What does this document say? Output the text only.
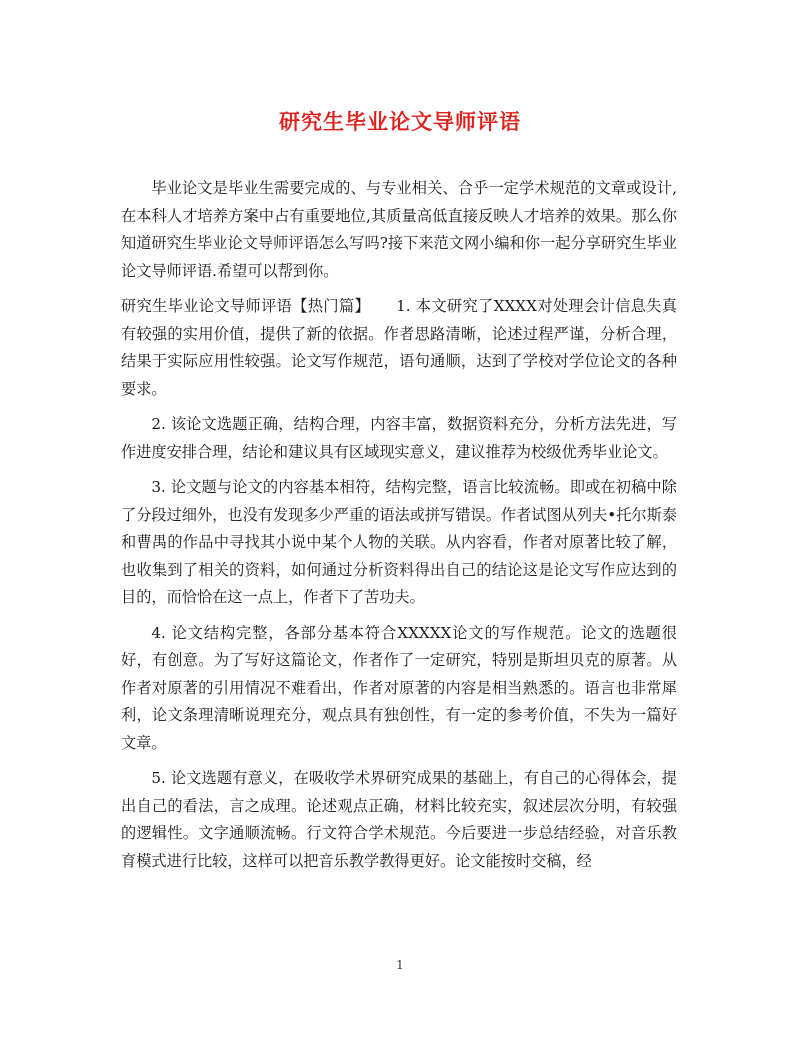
研究生毕业论文导师评语

毕业论文是毕业生需要完成的、与专业相关、合乎一定学术规范的文章或设计,在本科人才培养方案中占有重要地位,其质量高低直接反映人才培养的效果。那么你知道研究生毕业论文导师评语怎么写吗?接下来范文网小编和你一起分享研究生毕业论文导师评语.希望可以帮到你。

研究生毕业论文导师评语【热门篇】 1. 本文研究了XXXX对处理会计信息失真有较强的实用价值，提供了新的依据。作者思路清晰，论述过程严谨，分析合理，结果于实际应用性较强。论文写作规范，语句通顺，达到了学校对学位论文的各种要求。

2. 该论文选题正确，结构合理，内容丰富，数据资料充分，分析方法先进，写作进度安排合理，结论和建议具有区域现实意义，建议推荐为校级优秀毕业论文。

3. 论文题与论文的内容基本相符，结构完整，语言比较流畅。即或在初稿中除了分段过细外，也没有发现多少严重的语法或拼写错误。作者试图从列夫•托尔斯泰和曹禺的作品中寻找其小说中某个人物的关联。从内容看，作者对原著比较了解，也收集到了相关的资料，如何通过分析资料得出自己的结论这是论文写作应达到的目的，而恰恰在这一点上，作者下了苦功夫。

4. 论文结构完整，各部分基本符合XXXXX论文的写作规范。论文的选题很好，有创意。为了写好这篇论文，作者作了一定研究，特别是斯坦贝克的原著。从作者对原著的引用情况不难看出，作者对原著的内容是相当熟悉的。语言也非常犀利，论文条理清晰说理充分，观点具有独创性，有一定的参考价值，不失为一篇好文章。

5. 论文选题有意义，在吸收学术界研究成果的基础上，有自己的心得体会，提出自己的看法，言之成理。论述观点正确，材料比较充实，叙述层次分明，有较强的逻辑性。文字通顺流畅。行文符合学术规范。今后要进一步总结经验，对音乐教育模式进行比较，这样可以把音乐教学教得更好。论文能按时交稿，经

1
